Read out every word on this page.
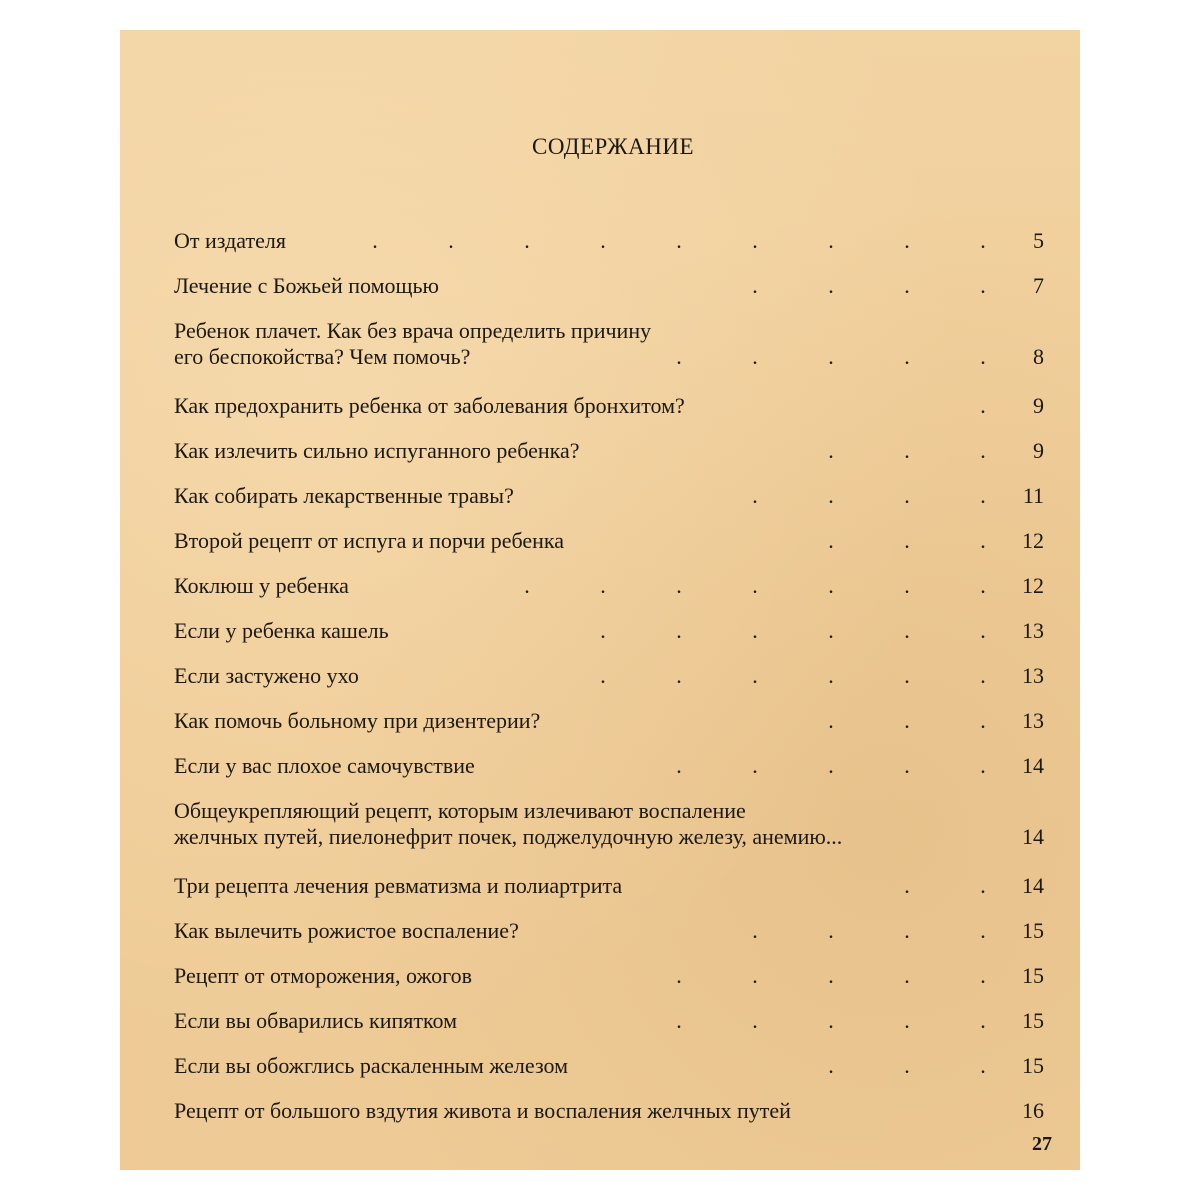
СОДЕРЖАНИЕ
.	.	.	.	.	.	.	.	.
От издателя	5
.	.	.	.
Лечение с Божьей помощью	7
Ребенок плачет. Как без врача определить причину
.	.	.	.	.
его беспокойства? Чем помочь?	8
.
Как предохранить ребенка от заболевания бронхитом?	9
.	.	.
Как излечить сильно испуганного ребенка?	9
.	.	.	.
Как собирать лекарственные травы?	11
.	.	.
Второй рецепт от испуга и порчи ребенка	12
.	.	.	.	.	.	.
Коклюш у ребенка	12
.	.	.	.	.	.
Если у ребенка кашель	13
.	.	.	.	.	.
Если застужено ухо	13
.	.	.
Как помочь больному при дизентерии?	13
.	.	.	.	.
Если у вас плохое самочувствие	14
Общеукрепляющий рецепт, которым излечивают воспаление
желчных путей, пиелонефрит почек, поджелудочную железу, анемию...	14
.	.
Три рецепта лечения ревматизма и полиартрита	14
.	.	.	.
Как вылечить рожистое воспаление?	15
.	.	.	.	.
Рецепт от отморожения, ожогов	15
.	.	.	.	.
Если вы обварились кипятком	15
.	.	.
Если вы обожглись раскаленным железом	15
Рецепт от большого вздутия живота и воспаления желчных путей	16
27
